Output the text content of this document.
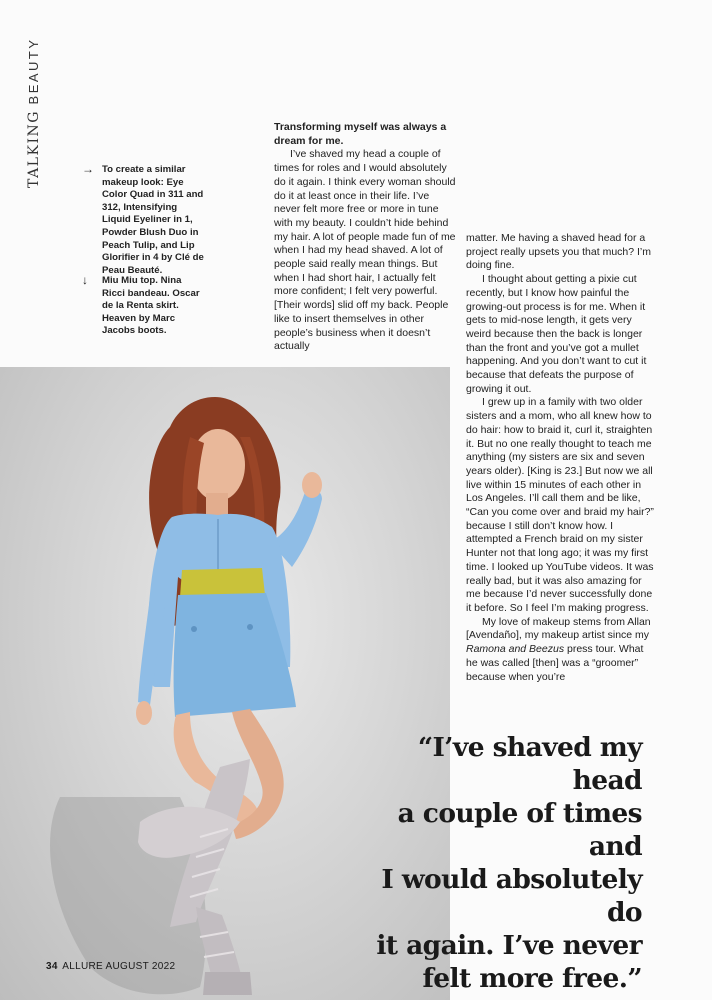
TALKING BEAUTY
→ To create a similar makeup look: Eye Color Quad in 311 and 312, Intensifying Liquid Eyeliner in 1, Powder Blush Duo in Peach Tulip, and Lip Glorifier in 4 by Clé de Peau Beauté.
↓	Miu Miu top. Nina Ricci bandeau. Oscar de la Renta skirt. Heaven by Marc Jacobs boots.

Transforming myself was always a dream for me.

I’ve shaved my head a couple of times for roles and I would absolutely do it again. I think every woman should do it at least once in their life. I’ve never felt more free or more in tune with my beauty. I couldn’t hide behind my hair. A lot of people made fun of me when I had my head shaved. A lot of people said really mean things. But when I had short hair, I actually felt more confident; I felt very powerful. [Their words] slid off my back. People like to insert themselves in other people’s business when it doesn’t actually

matter. Me having a shaved head for a project really upsets you that much? I’m doing fine.

I thought about getting a pixie cut recently, but I know how painful the growing-out process is for me. When it gets to mid-nose length, it gets very weird because then the back is longer than the front and you’ve got a mullet happening. And you don’t want to cut it because that defeats the purpose of growing it out.

I grew up in a family with two older sisters and a mom, who all knew how to do hair: how to braid it, curl it, straighten it. But no one really thought to teach me anything (my sisters are six and seven years older). [King is 23.] But now we all live within 15 minutes of each other in Los Angeles. I’ll call them and be like, “Can you come over and braid my hair?” because I still don’t know how. I attempted a French braid on my sister Hunter not that long ago; it was my first time. I looked up YouTube videos. It was really bad, but it was also amazing for me because I’d never successfully done it before. So I feel I’m making progress.

My love of makeup stems from Allan [Avendaño], my makeup artist since my Ramona and Beezus press tour. What he was called [then] was a “groomer” because when you’re

“I’ve shaved my head
a couple of times and
I would absolutely do
it again. I’ve never
felt more free.”
34 ALLURE AUGUST 2022
